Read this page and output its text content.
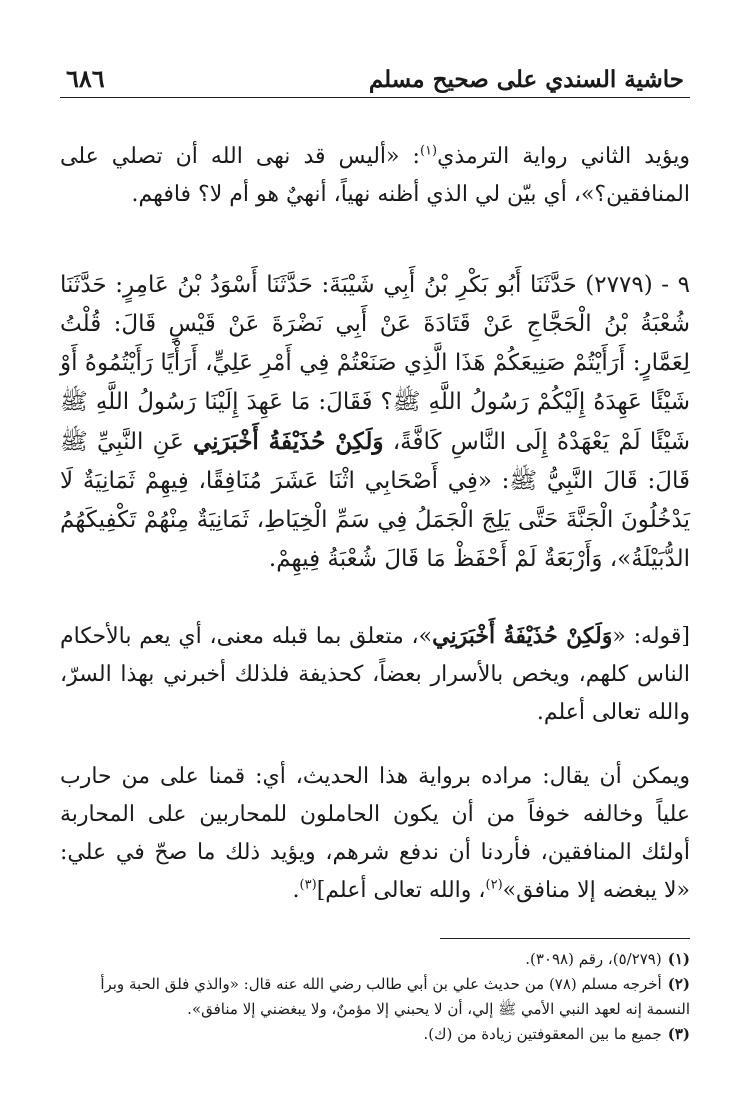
حاشية السندي على صحيح مسلم
٦٨٦

ويؤيد الثاني رواية الترمذي$^{(١)}$: «أليس قد نهى الله أن تصلي على المنافقين؟»، أي بيّن لي الذي أظنه نهياً، أنهيٌ هو أم لا؟ فافهم.

٩ - (٢٧٧٩) حَدَّثَنَا أَبُو بَكْرِ بْنُ أَبِي شَيْبَةَ: حَدَّثَنَا أَسْوَدُ بْنُ عَامِرٍ: حَدَّثَنَا شُعْبَةُ بْنُ الْحَجَّاجِ عَنْ قَتَادَةَ عَنْ أَبِي نَضْرَةَ عَنْ قَيْسٍ قَالَ: قُلْتُ لِعَمَّارٍ: أَرَأَيْتُمْ صَنِيعَكُمْ هَذَا الَّذِي صَنَعْتُمْ فِي أَمْرِ عَلِيٍّ، أَرَأْيًا رَأَيْتُمُوهُ أَوْ شَيْئًا عَهِدَهُ إِلَيْكُمْ رَسُولُ اللَّهِ ﷺ؟ فَقَالَ: مَا عَهِدَ إِلَيْنَا رَسُولُ اللَّهِ ﷺ شَيْئًا لَمْ يَعْهَدْهُ إِلَى النَّاسِ كَافَّةً، وَلَكِنْ حُذَيْفَةُ أَخْبَرَنِي عَنِ النَّبِيِّ ﷺ قَالَ: قَالَ النَّبِيُّ ﷺ: «فِي أَصْحَابِي اثْنَا عَشَرَ مُنَافِقًا، فِيهِمْ ثَمَانِيَةٌ لَا يَدْخُلُونَ الْجَنَّةَ حَتَّى يَلِجَ الْجَمَلُ فِي سَمِّ الْخِيَاطِ، ثَمَانِيَةٌ مِنْهُمْ تَكْفِيكَهُمُ الدُّبَيْلَةُ»، وَأَرْبَعَةٌ لَمْ أَحْفَظْ مَا قَالَ شُعْبَةُ فِيهِمْ.

[قوله: «وَلَكِنْ حُذَيْفَةُ أَخْبَرَنِي»، متعلق بما قبله معنى، أي يعم بالأحكام الناس كلهم، ويخص بالأسرار بعضاً، كحذيفة فلذلك أخبرني بهذا السرّ، والله تعالى أعلم.

ويمكن أن يقال: مراده برواية هذا الحديث، أي: قمنا على من حارب علياً وخالفه خوفاً من أن يكون الحاملون للمحاربين على المحاربة أولئك المنافقين، فأردنا أن ندفع شرهم، ويؤيد ذلك ما صحّ في علي: «لا يبغضه إلا منافق»$^{(٢)}$، والله تعالى أعلم]$^{(٣)}$.

(١)(٥/٢٧٩)، رقم (٣٠٩٨).

(٢)أخرجه مسلم (٧٨) من حديث علي بن أبي طالب رضي الله عنه قال: «والذي فلق الحبة وبرأ النسمة إنه لعهد النبي الأمي ﷺ إلي، أن لا يحبني إلا مؤمنٌ، ولا يبغضني إلا منافق».

(٣)جميع ما بين المعقوفتين زيادة من (ك).
